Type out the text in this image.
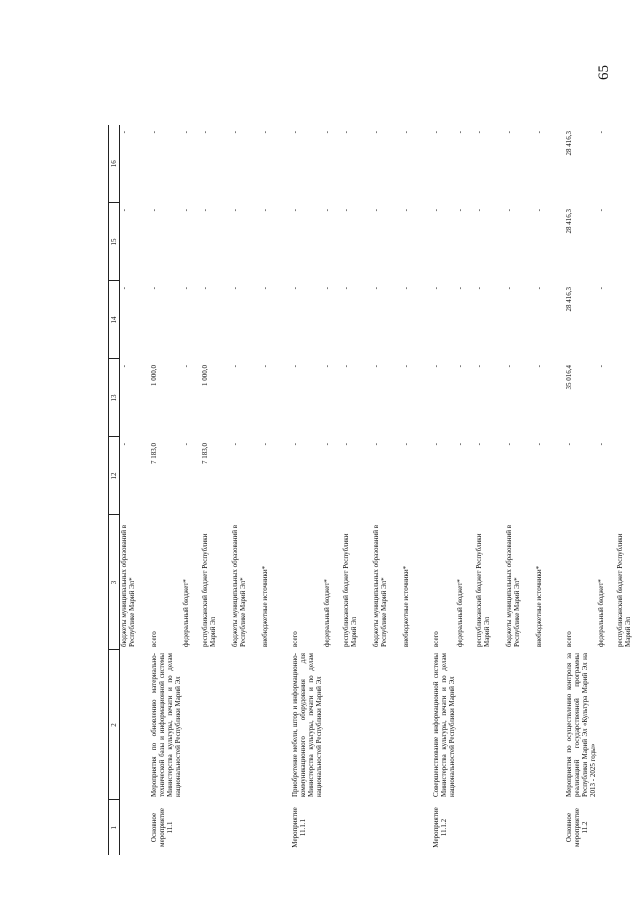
65
1	2	3	12	13	14	15	16
		бюджеты муниципальных образований в Республике Марий Эл*	-	-	-	-	-
Основное мероприятие 11.1	Мероприятия по обновлению материально-технической базы и информационной системы Министерства культуры, печати и по делам национальностей Республики Марий Эл	всего	7 183,0	1 000,0	-	-	-
		федеральный бюджет*	-	-	-	-	-
		республиканский бюджет Республики Марий Эл	7 183,0	1 000,0	-	-	-
		бюджеты муниципальных образований в Республике Марий Эл*	-	-	-	-	-
		внебюджетные источники*	-	-	-	-	-
Мероприятие 11.1.1	Приобретение мебели, штор и информационно-коммуникационного оборудования для Министерства культуры, печати и по делам национальностей Республики Марий Эл	всего	-	-	-	-	-
		федеральный бюджет*	-	-	-	-	-
		республиканский бюджет Республики Марий Эл	-	-	-	-	-
		бюджеты муниципальных образований в Республике Марий Эл*	-	-	-	-	-
		внебюджетные источники*	-	-	-	-	-
Мероприятие 11.1.2	Совершенствование информационной системы Министерства культуры, печати и по делам национальностей Республики Марий Эл	всего	-	-	-	-	-
		федеральный бюджет*	-	-	-	-	-
		республиканский бюджет Республики Марий Эл	-	-	-	-	-
		бюджеты муниципальных образований в Республике Марий Эл*	-	-	-	-	-
		внебюджетные источники*	-	-	-	-	-
Основное мероприятие 11.2	Мероприятия по осуществлению контроля за реализацией государственной программы Республики Марий Эл «Культура Марий Эл на 2013 - 2025 годы»	всего	-	35 016,4	28 416,3	28 416,3	28 416,3
		федеральный бюджет*	-	-	-	-	-
		республиканский бюджет Республики Марий Эл					
